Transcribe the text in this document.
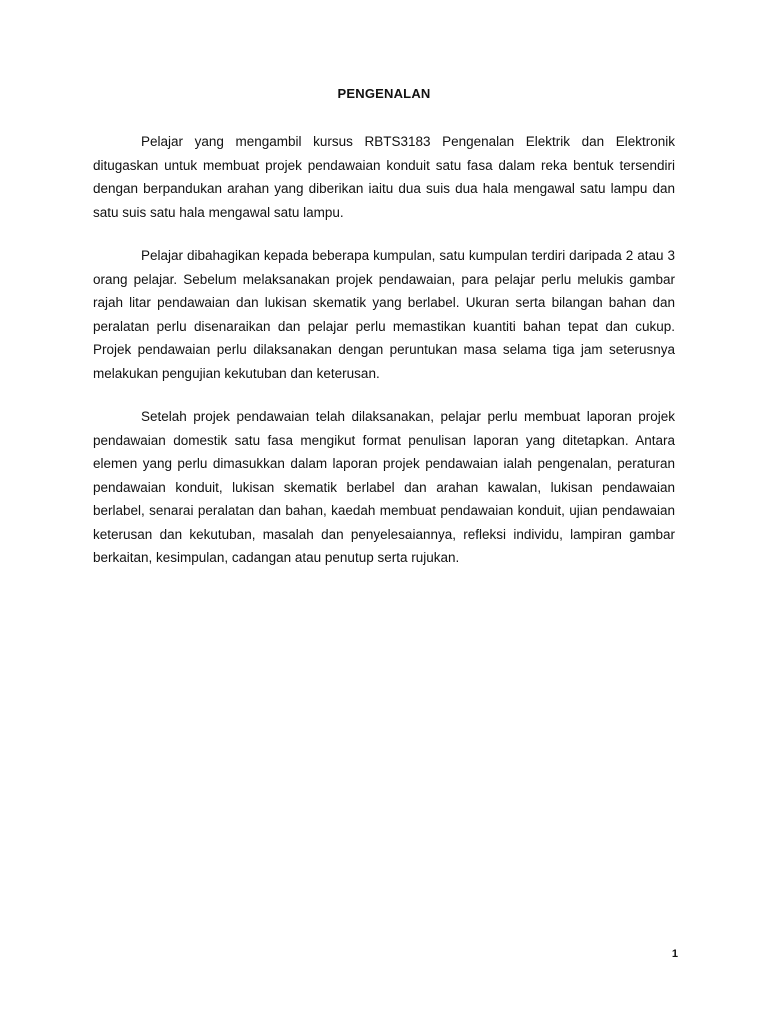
PENGENALAN

Pelajar yang mengambil kursus RBTS3183 Pengenalan Elektrik dan Elektronik ditugaskan untuk membuat projek pendawaian konduit satu fasa dalam reka bentuk tersendiri dengan berpandukan arahan yang diberikan iaitu dua suis dua hala mengawal satu lampu dan satu suis satu hala mengawal satu lampu.

Pelajar dibahagikan kepada beberapa kumpulan, satu kumpulan terdiri daripada 2 atau 3 orang pelajar. Sebelum melaksanakan projek pendawaian, para pelajar perlu melukis gambar rajah litar pendawaian dan lukisan skematik yang berlabel. Ukuran serta bilangan bahan dan peralatan perlu disenaraikan dan pelajar perlu memastikan kuantiti bahan tepat dan cukup. Projek pendawaian perlu dilaksanakan dengan peruntukan masa selama tiga jam seterusnya melakukan pengujian kekutuban dan keterusan.

Setelah projek pendawaian telah dilaksanakan, pelajar perlu membuat laporan projek pendawaian domestik satu fasa mengikut format penulisan laporan yang ditetapkan. Antara elemen yang perlu dimasukkan dalam laporan projek pendawaian ialah pengenalan, peraturan pendawaian konduit, lukisan skematik berlabel dan arahan kawalan, lukisan pendawaian berlabel, senarai peralatan dan bahan, kaedah membuat pendawaian konduit, ujian pendawaian keterusan dan kekutuban, masalah dan penyelesaiannya, refleksi individu, lampiran gambar berkaitan, kesimpulan, cadangan atau penutup serta rujukan.

1
